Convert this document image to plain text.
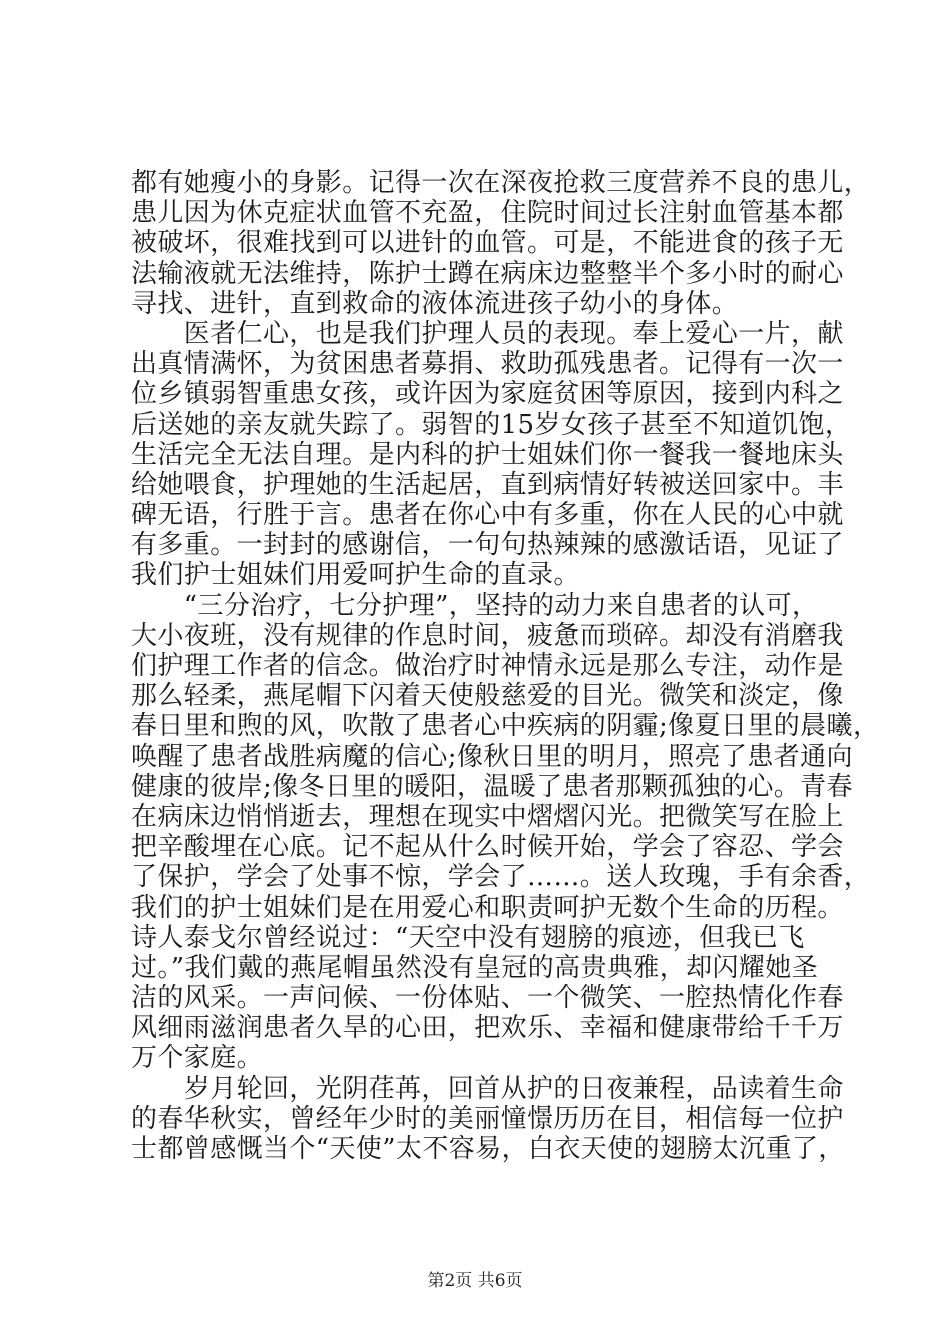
都有她瘦小的身影。记得一次在深夜抢救三度营养不良的患儿，
患儿因为休克症状血管不充盈，住院时间过长注射血管基本都
被破坏，很难找到可以进针的血管。可是，不能进食的孩子无
法输液就无法维持，陈护士蹲在病床边整整半个多小时的耐心
寻找、进针，直到救命的液体流进孩子幼小的身体。
　　医者仁心，也是我们护理人员的表现。奉上爱心一片，献
出真情满怀，为贫困患者募捐、救助孤残患者。记得有一次一
位乡镇弱智重患女孩，或许因为家庭贫困等原因，接到内科之
后送她的亲友就失踪了。弱智的15岁女孩子甚至不知道饥饱，
生活完全无法自理。是内科的护士姐妹们你一餐我一餐地床头
给她喂食，护理她的生活起居，直到病情好转被送回家中。丰
碑无语，行胜于言。患者在你心中有多重，你在人民的心中就
有多重。一封封的感谢信，一句句热辣辣的感激话语，见证了
我们护士姐妹们用爱呵护生命的直录。
　　“三分治疗，七分护理”，坚持的动力来自患者的认可，
大小夜班，没有规律的作息时间，疲惫而琐碎。却没有消磨我
们护理工作者的信念。做治疗时神情永远是那么专注，动作是
那么轻柔，燕尾帽下闪着天使般慈爱的目光。微笑和淡定，像
春日里和煦的风，吹散了患者心中疾病的阴霾;像夏日里的晨曦，
唤醒了患者战胜病魔的信心;像秋日里的明月，照亮了患者通向
健康的彼岸;像冬日里的暖阳，温暖了患者那颗孤独的心。青春
在病床边悄悄逝去，理想在现实中熠熠闪光。把微笑写在脸上
把辛酸埋在心底。记不起从什么时候开始，学会了容忍、学会
了保护，学会了处事不惊，学会了……。送人玫瑰，手有余香，
我们的护士姐妹们是在用爱心和职责呵护无数个生命的历程。
诗人泰戈尔曾经说过：“天空中没有翅膀的痕迹，但我已飞
过。”我们戴的燕尾帽虽然没有皇冠的高贵典雅，却闪耀她圣
洁的风采。一声问候、一份体贴、一个微笑、一腔热情化作春
风细雨滋润患者久旱的心田，把欢乐、幸福和健康带给千千万
万个家庭。
　　岁月轮回，光阴荏苒，回首从护的日夜兼程，品读着生命
的春华秋实，曾经年少时的美丽憧憬历历在目，相信每一位护
士都曾感慨当个“天使”太不容易，白衣天使的翅膀太沉重了，
第2页 共6页
